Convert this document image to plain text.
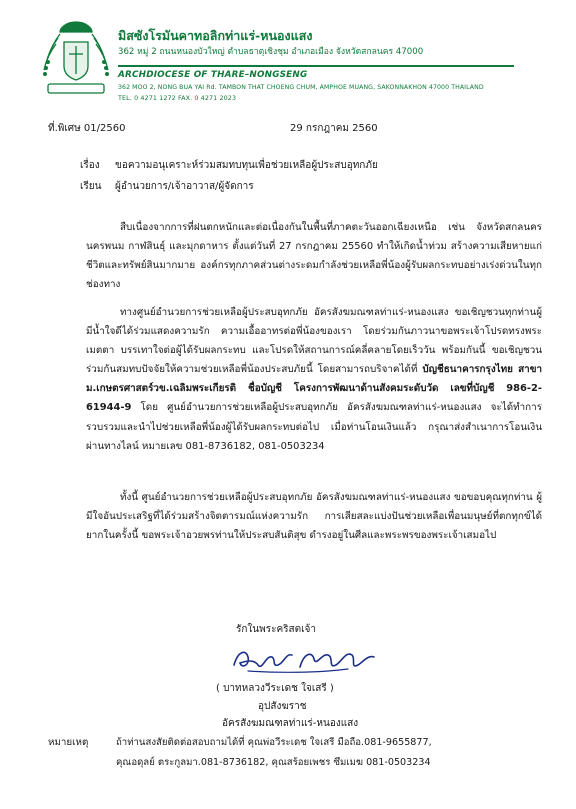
มิสซังโรมันคาทอลิกท่าแร่-หนองแสง
362 หมู่ 2 ถนนหนองบัวใหญ่ ตำบลธาตุเชิงชุม อำเภอเมือง จังหวัดสกลนคร 47000
ARCHDIOCESE OF THARE–NONGSENG
362 MOO 2, NONG BUA YAI Rd. TAMBON THAT CHOENG CHUM, AMPHOE MUANG, SAKONNAKHON 47000 THAILAND
TEL. 0 4271 1272 FAX. 0 4271 2023
ที่.พิเศษ 01/2560	29 กรกฎาคม 2560
เรื่อง ขอความอนุเคราะห์ร่วมสมทบทุนเพื่อช่วยเหลือผู้ประสบอุทกภัย
เรียน ผู้อำนวยการ/เจ้าอาวาส/ผู้จัดการ
สืบเนื่องจากการที่ฝนตกหนักและต่อเนื่องกันในพื้นที่ภาคตะวันออกเฉียงเหนือ เช่น จังหวัดสกลนคร นครพนม กาฬสินธุ์ และมุกดาหาร ตั้งแต่วันที่ 27 กรกฎาคม 25560 ทำให้เกิดน้ำท่วม สร้างความเสียหายแก่ชีวิตและทรัพย์สินมากมาย องค์กรทุกภาคส่วนต่างระดมกำลังช่วยเหลือพี่น้องผู้รับผลกระทบอย่างเร่งด่วนในทุกช่องทาง
ทางศูนย์อำนวยการช่วยเหลือผู้ประสบอุทกภัย อัครสังฆมณฑลท่าแร่-หนองแสง ขอเชิญชวนทุกท่านผู้มีน้ำใจดีได้ร่วมแสดงความรัก ความเอื้ออาทรต่อพี่น้องของเรา โดยร่วมกันภาวนาขอพระเจ้าโปรดทรงพระเมตตา บรรเทาใจต่อผู้ได้รับผลกระทบ และโปรดให้สถานการณ์คลี่คลายโดยเร็ววัน พร้อมกันนี้ ขอเชิญชวนร่วมกันสมทบปัจจัยให้ความช่วยเหลือพี่น้องประสบภัยนี้ โดยสามารถบริจาคได้ที่ บัญชีธนาคารกรุงไทย สาขา ม.เกษตรศาสตร์วข.เฉลิมพระเกียรติ ชื่อบัญชี โครงการพัฒนาด้านสังคมระดับวัด เลขที่บัญชี 986-2-61944-9 โดย ศูนย์อำนวยการช่วยเหลือผู้ประสบอุทกภัย อัครสังฆมณฑลท่าแร่-หนองแสง จะได้ทำการรวบรวมและนำไปช่วยเหลือพี่น้องผู้ได้รับผลกระทบต่อไป เมื่อท่านโอนเงินแล้ว กรุณาส่งสำเนาการโอนเงิน ผ่านทางไลน์ หมายเลข 081-8736182, 081-0503234
ทั้งนี้ ศูนย์อำนวยการช่วยเหลือผู้ประสบอุทกภัย อัครสังฆมณฑลท่าแร่-หนองแสง ขอขอบคุณทุกท่าน ผู้มีใจอันประเสริฐที่ได้ร่วมสร้างจิตตารมณ์แห่งความรัก การเสียสละแบ่งปันช่วยเหลือเพื่อนมนุษย์ที่ตกทุกข์ได้ยากในครั้งนี้ ขอพระเจ้าอวยพรท่านให้ประสบสันติสุข ดำรงอยู่ในศีลและพระพรของพระเจ้าเสมอไป
รักในพระคริสตเจ้า
( บาทหลวงวีระเดช ใจเสรี )
อุปสังฆราช
อัครสังฆมณฑลท่าแร่-หนองแสง
หมายเหตุ	ถ้าท่านสงสัยติดต่อสอบถามได้ที่ คุณพ่อวีระเดช ใจเสรี มือถือ.081-9655877,
คุณอดุลย์ ตระกูลมา.081-8736182, คุณสร้อยเพชร ซึมเมฆ 081-0503234
